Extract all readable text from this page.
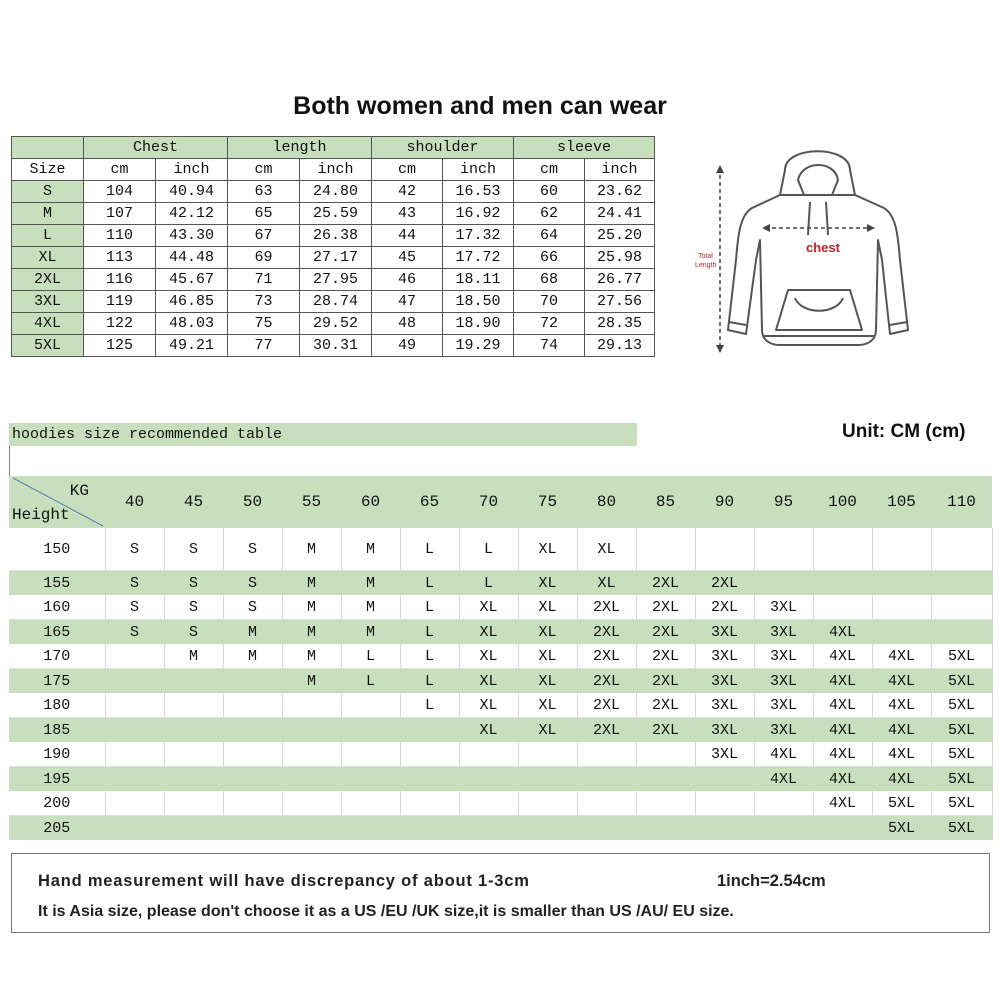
Both women and men can wear
	Chest		length		shoulder		sleeve	
Size	cm	inch	cm	inch	cm	inch	cm	inch
S	104	40.94	63	24.80	42	16.53	60	23.62
M	107	42.12	65	25.59	43	16.92	62	24.41
L	110	43.30	67	26.38	44	17.32	64	25.20
XL	113	44.48	69	27.17	45	17.72	66	25.98
2XL	116	45.67	71	27.95	46	18.11	68	26.77
3XL	119	46.85	73	28.74	47	18.50	70	27.56
4XL	122	48.03	75	29.52	48	18.90	72	28.35
5XL	125	49.21	77	30.31	49	19.29	74	29.13
chest
Total
Length
hoodies size recommended table	Unit: CM (cm)
KG
Height	40	45	50	55	60	65	70	75	80	85	90	95	100	105	110
150	S	S	S	M	M	L	L	XL	XL						
155	S	S	S	M	M	L	L	XL	XL	2XL	2XL				
160	S	S	S	M	M	L	XL	XL	2XL	2XL	2XL	3XL			
165	S	S	M	M	M	L	XL	XL	2XL	2XL	3XL	3XL	4XL		
170		M	M	M	L	L	XL	XL	2XL	2XL	3XL	3XL	4XL	4XL	5XL
175				M	L	L	XL	XL	2XL	2XL	3XL	3XL	4XL	4XL	5XL
180						L	XL	XL	2XL	2XL	3XL	3XL	4XL	4XL	5XL
185							XL	XL	2XL	2XL	3XL	3XL	4XL	4XL	5XL
190											3XL	4XL	4XL	4XL	5XL
195												4XL	4XL	4XL	5XL
200													4XL	5XL	5XL
205														5XL	5XL
Hand measurement will have discrepancy of about 1-3cm	1inch=2.54cm
It is Asia size, please don't choose it as a US /EU /UK size,it is smaller than US /AU/ EU size.
